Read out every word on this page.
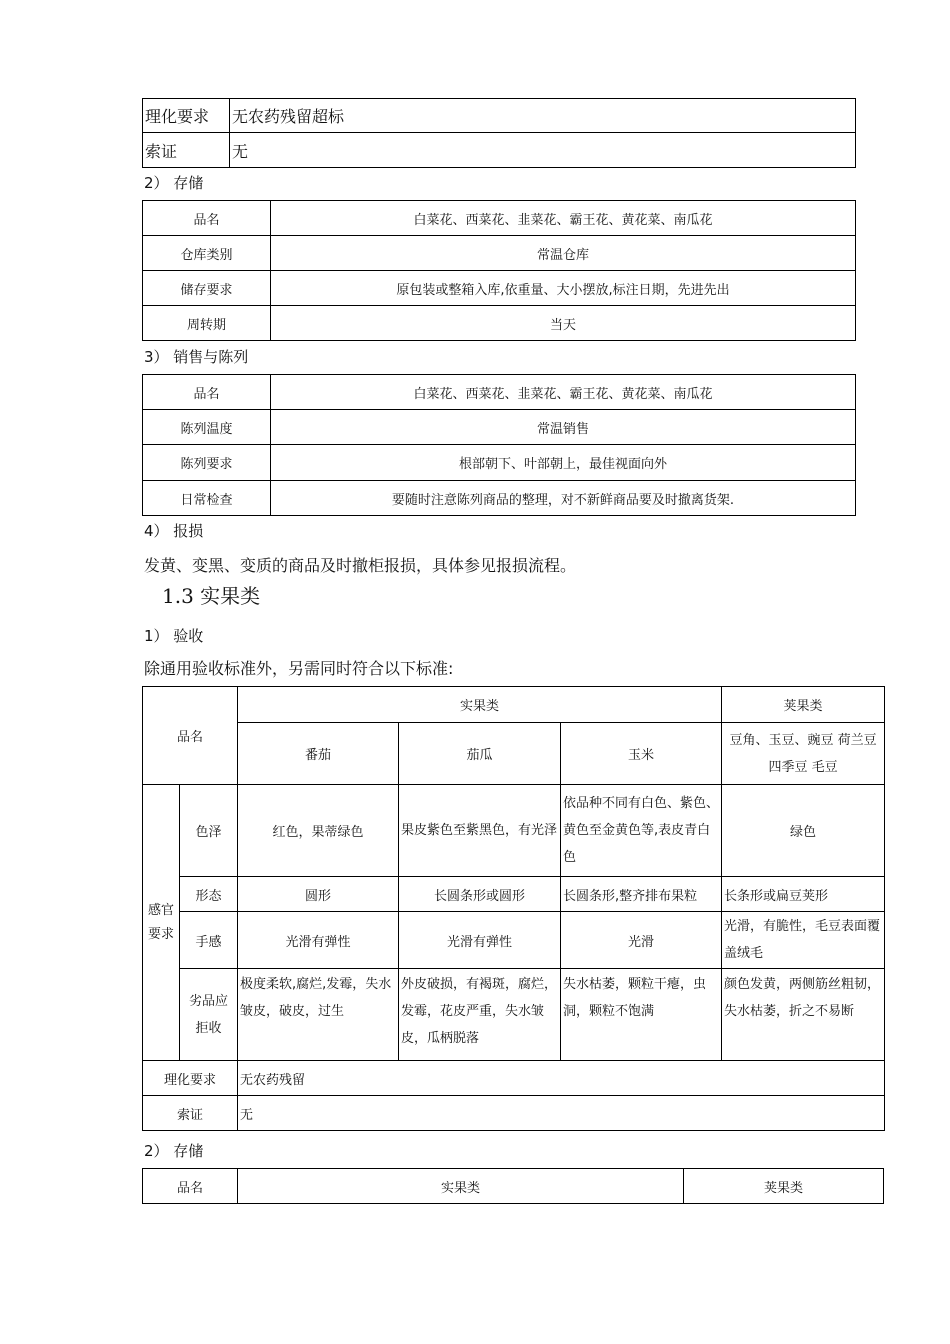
理化要求	无农药残留超标
索证	无
2） 存储
品名	白菜花、西菜花、韭菜花、霸王花、黄花菜、南瓜花
仓库类别	常温仓库
储存要求	原包装或整箱入库,依重量、大小摆放,标注日期，先进先出
周转期	当天
3） 销售与陈列
品名	白菜花、西菜花、韭菜花、霸王花、黄花菜、南瓜花
陈列温度	常温销售
陈列要求	根部朝下、叶部朝上，最佳视面向外
日常检查	要随时注意陈列商品的整理，对不新鲜商品要及时撤离货架.
4） 报损
发黄、变黑、变质的商品及时撤柜报损，具体参见报损流程。
1.3 实果类
1） 验收
除通用验收标准外，另需同时符合以下标准:
品名		实果类			荚果类
		番茄	茄瓜	玉米	豆角、玉豆、豌豆 荷兰豆 四季豆 毛豆
感官要求	色泽	红色，果蒂绿色	果皮紫色至紫黑色，有光泽	依品种不同有白色、紫色、黄色至金黄色等,表皮青白色	绿色
	形态	圆形	长圆条形或圆形	长圆条形,整齐排布果粒	长条形或扁豆荚形
	手感	光滑有弹性	光滑有弹性	光滑	光滑，有脆性，毛豆表面覆盖绒毛
	劣品应拒收	极度柔软,腐烂,发霉，失水皱皮，破皮，过生	外皮破损，有褐斑，腐烂，发霉，花皮严重，失水皱皮，瓜柄脱落	失水枯萎，颗粒干瘪，虫洞，颗粒不饱满	颜色发黄，两侧筋丝粗韧，失水枯萎，折之不易断
理化要求		无农药残留			
索证		无			
2） 存储
品名	实果类	荚果类
